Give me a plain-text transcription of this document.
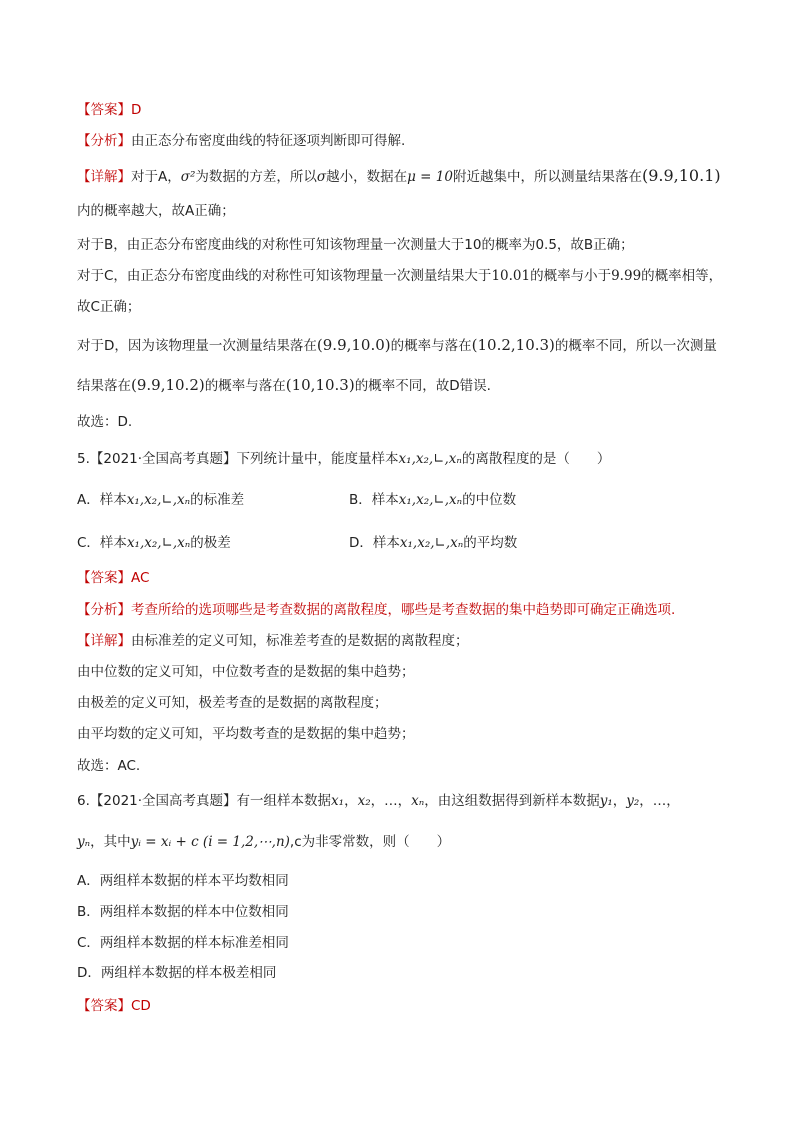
【答案】D
【分析】由正态分布密度曲线的特征逐项判断即可得解.
【详解】对于A，σ²为数据的方差，所以σ越小，数据在μ = 10附近越集中，所以测量结果落在(9.9,10.1)
内的概率越大，故A正确；
对于B，由正态分布密度曲线的对称性可知该物理量一次测量大于10的概率为0.5，故B正确；
对于C，由正态分布密度曲线的对称性可知该物理量一次测量结果大于10.01的概率与小于9.99的概率相等，
故C正确；
对于D，因为该物理量一次测量结果落在(9.9,10.0)的概率与落在(10.2,10.3)的概率不同，所以一次测量
结果落在(9.9,10.2)的概率与落在(10,10.3)的概率不同，故D错误.
故选：D.
5.【2021·全国高考真题】下列统计量中，能度量样本x₁,x₂,∟,xₙ的离散程度的是（　　）
A．样本x₁,x₂,∟,xₙ的标准差	B．样本x₁,x₂,∟,xₙ的中位数
C．样本x₁,x₂,∟,xₙ的极差	D．样本x₁,x₂,∟,xₙ的平均数
【答案】AC
【分析】考查所给的选项哪些是考查数据的离散程度，哪些是考查数据的集中趋势即可确定正确选项.
【详解】由标准差的定义可知，标准差考查的是数据的离散程度；
由中位数的定义可知，中位数考查的是数据的集中趋势；
由极差的定义可知，极差考查的是数据的离散程度；
由平均数的定义可知，平均数考查的是数据的集中趋势；
故选：AC.
6.【2021·全国高考真题】有一组样本数据x₁，x₂，…，xₙ，由这组数据得到新样本数据y₁，y₂，…，
yₙ，其中yᵢ = xᵢ + c (i = 1,2,⋯,n),c为非零常数，则（　　）
A．两组样本数据的样本平均数相同
B．两组样本数据的样本中位数相同
C．两组样本数据的样本标准差相同
D．两组样本数据的样本极差相同
【答案】CD
